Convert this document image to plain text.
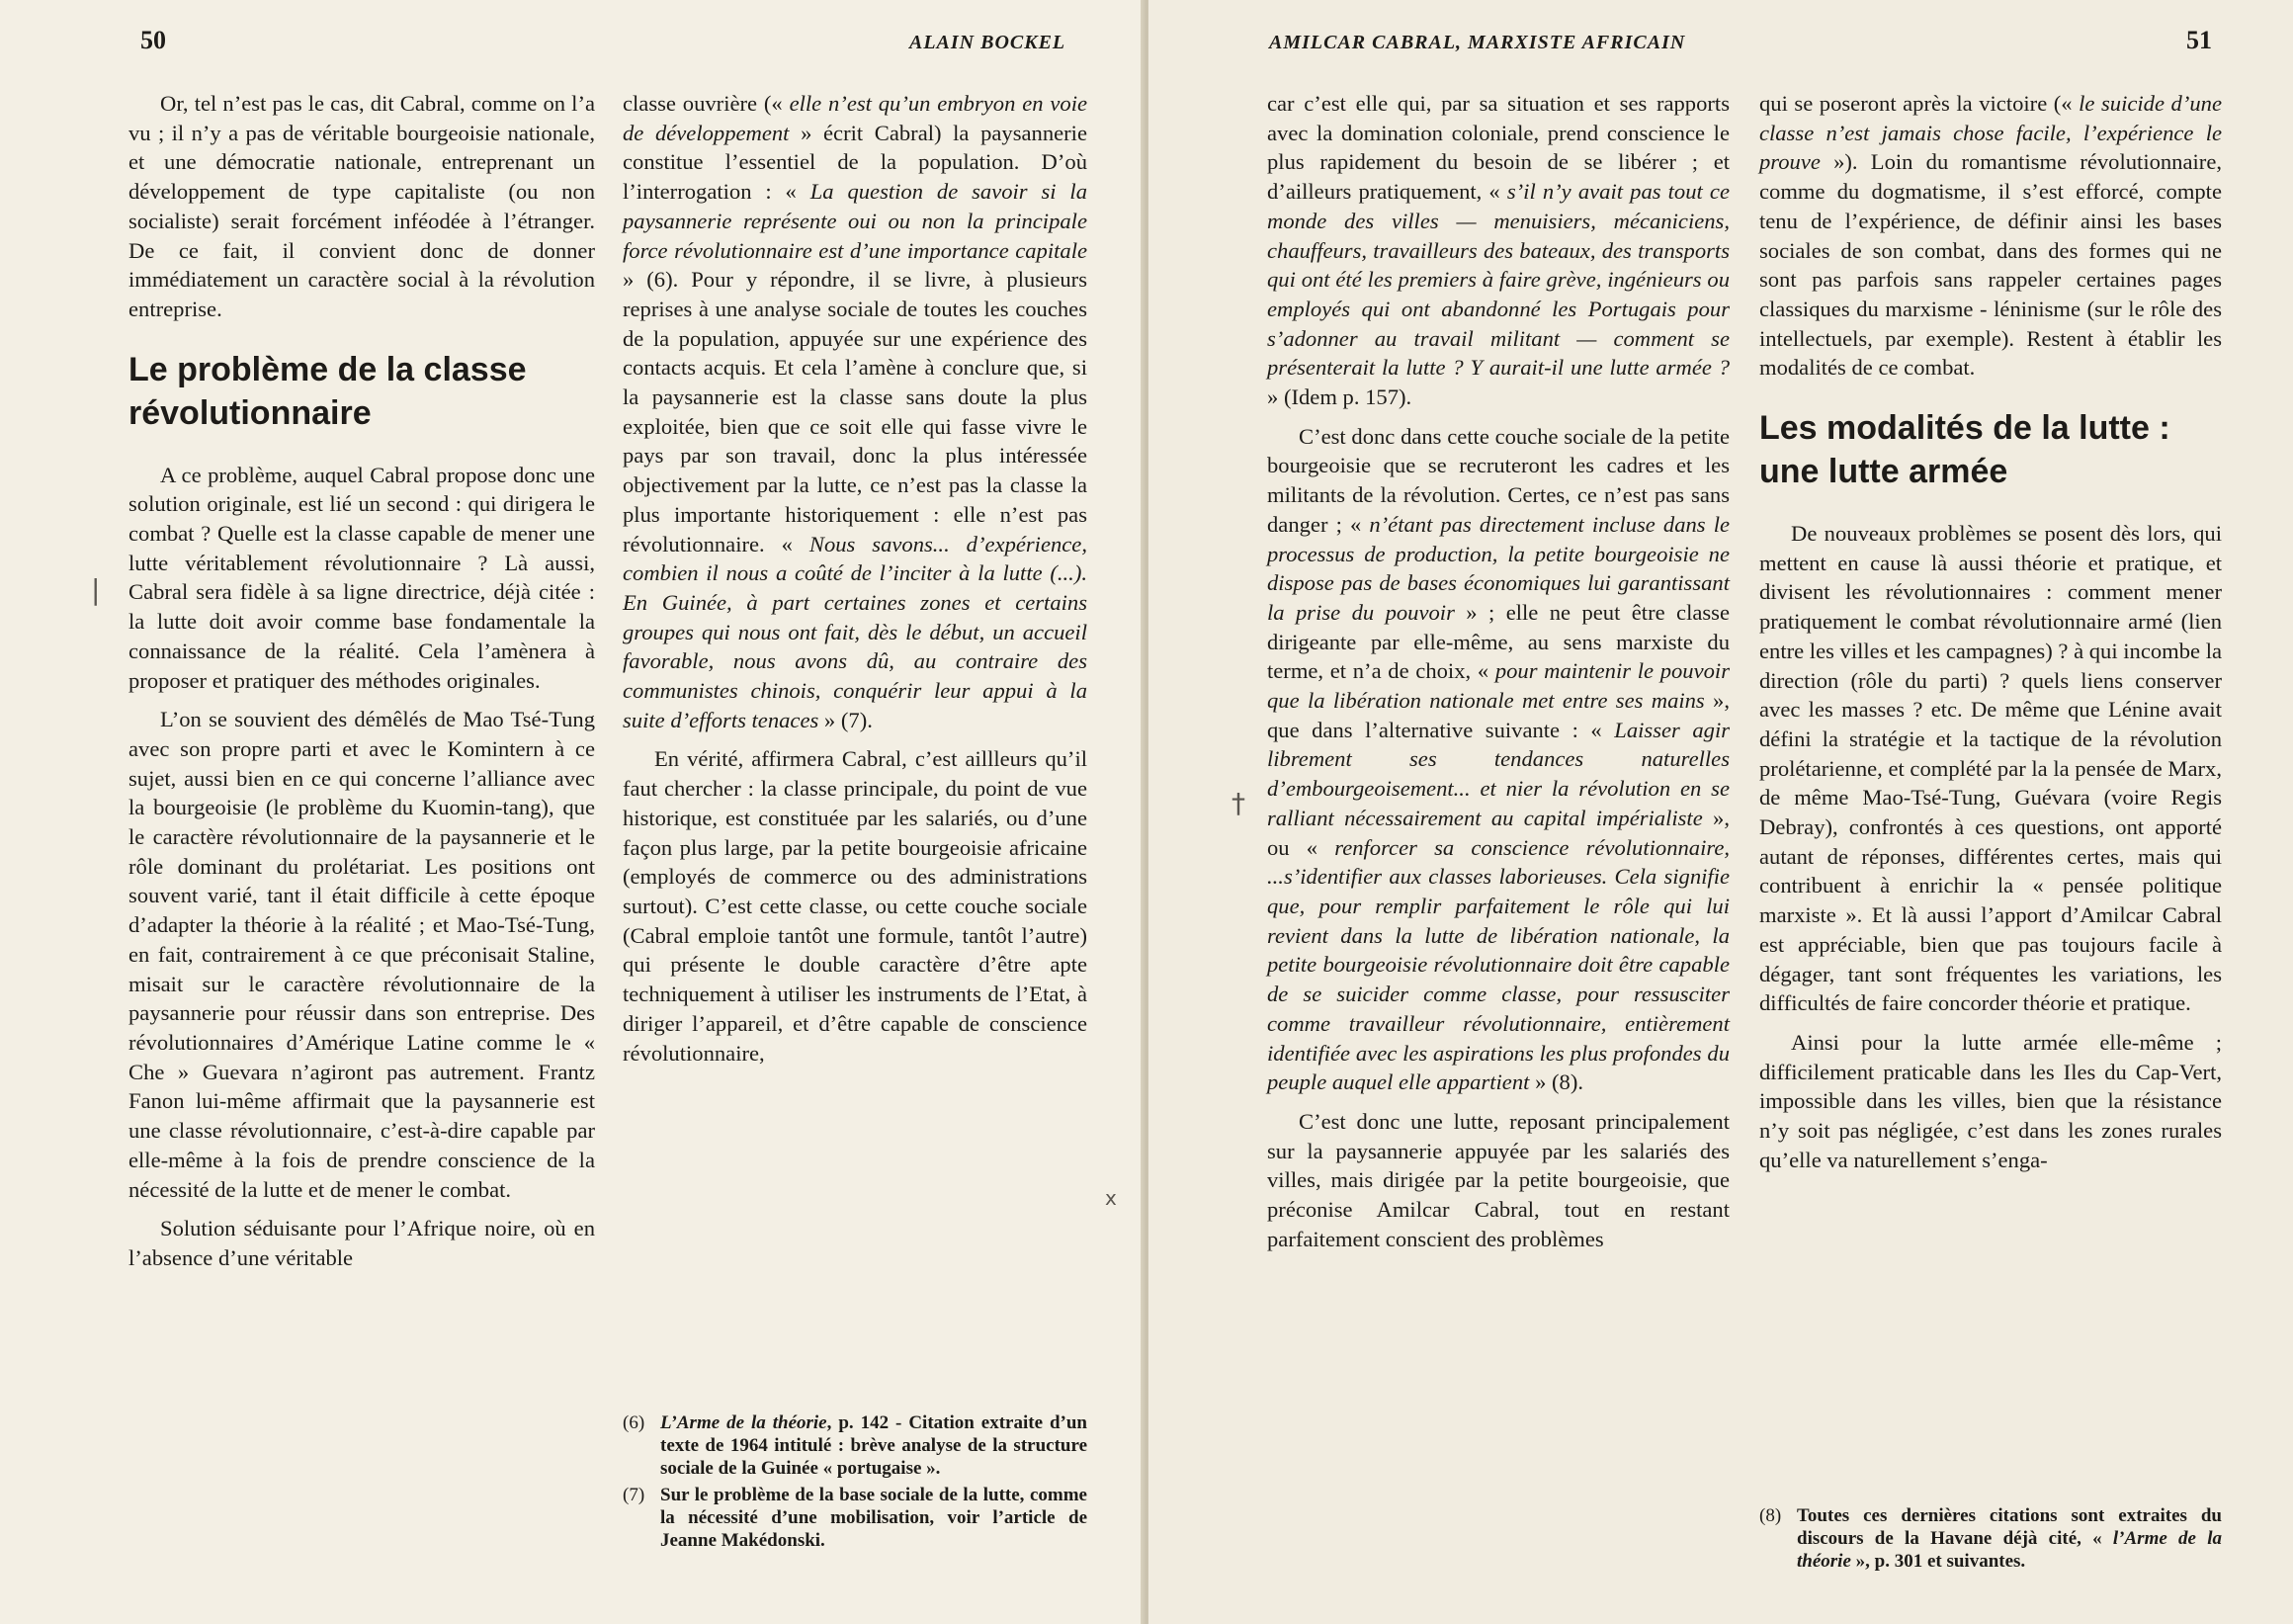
50	ALAIN BOCKEL

Or, tel n’est pas le cas, dit Cabral, comme on l’a vu ; il n’y a pas de véritable bourgeoisie nationale, et une démocratie nationale, entreprenant un développement de type capitaliste (ou non socialiste) serait forcément inféodée à l’étranger. De ce fait, il convient donc de donner immédiatement un caractère social à la révolution entreprise.

Le problème de la classe révolutionnaire

A ce problème, auquel Cabral propose donc une solution originale, est lié un second : qui dirigera le combat ? Quelle est la classe capable de mener une lutte véritablement révolutionnaire ? Là aussi, Cabral sera fidèle à sa ligne directrice, déjà citée : la lutte doit avoir comme base fondamentale la connaissance de la réalité. Cela l’amènera à proposer et pratiquer des méthodes originales.

L’on se souvient des démêlés de Mao Tsé-Tung avec son propre parti et avec le Komintern à ce sujet, aussi bien en ce qui concerne l’alliance avec la bourgeoisie (le problème du Kuomin-tang), que le caractère révolutionnaire de la paysannerie et le rôle dominant du prolétariat. Les positions ont souvent varié, tant il était difficile à cette époque d’adapter la théorie à la réalité ; et Mao-Tsé-Tung, en fait, contrairement à ce que préconisait Staline, misait sur le caractère révolutionnaire de la paysannerie pour réussir dans son entreprise. Des révolutionnaires d’Amérique Latine comme le « Che » Guevara n’agiront pas autrement. Frantz Fanon lui-même affirmait que la paysannerie est une classe révolutionnaire, c’est-à-dire capable par elle-même à la fois de prendre conscience de la nécessité de la lutte et de mener le combat.

Solution séduisante pour l’Afrique noire, où en l’absence d’une véritable

classe ouvrière (« elle n’est qu’un embryon en voie de développement » écrit Cabral) la paysannerie constitue l’essentiel de la population. D’où l’interrogation : « La question de savoir si la paysannerie représente oui ou non la principale force révolutionnaire est d’une importance capitale » (6). Pour y répondre, il se livre, à plusieurs reprises à une analyse sociale de toutes les couches de la population, appuyée sur une expérience des contacts acquis. Et cela l’amène à conclure que, si la paysannerie est la classe sans doute la plus exploitée, bien que ce soit elle qui fasse vivre le pays par son travail, donc la plus intéressée objectivement par la lutte, ce n’est pas la classe la plus importante historiquement : elle n’est pas révolutionnaire. « Nous savons... d’expérience, combien il nous a coûté de l’inciter à la lutte (...). En Guinée, à part certaines zones et certains groupes qui nous ont fait, dès le début, un accueil favorable, nous avons dû, au contraire des communistes chinois, conquérir leur appui à la suite d’efforts tenaces » (7).

En vérité, affirmera Cabral, c’est aillleurs qu’il faut chercher : la classe principale, du point de vue historique, est constituée par les salariés, ou d’une façon plus large, par la petite bourgeoisie africaine (employés de commerce ou des administrations surtout). C’est cette classe, ou cette couche sociale (Cabral emploie tantôt une formule, tantôt l’autre) qui présente le double caractère d’être apte techniquement à utiliser les instruments de l’Etat, à diriger l’appareil, et d’être capable de conscience révolutionnaire,

(6) L’Arme de la théorie, p. 142 - Citation extraite d’un texte de 1964 intitulé : brève analyse de la structure sociale de la Guinée « portugaise ».
(7) Sur le problème de la base sociale de la lutte, comme la nécessité d’une mobilisation, voir l’article de Jeanne Makédonski.
|
x
AMILCAR CABRAL, MARXISTE AFRICAIN	51

car c’est elle qui, par sa situation et ses rapports avec la domination coloniale, prend conscience le plus rapidement du besoin de se libérer ; et d’ailleurs pratiquement, « s’il n’y avait pas tout ce monde des villes — menuisiers, mécaniciens, chauffeurs, travailleurs des bateaux, des transports qui ont été les premiers à faire grève, ingénieurs ou employés qui ont abandonné les Portugais pour s’adonner au travail militant — comment se présenterait la lutte ? Y aurait-il une lutte armée ? » (Idem p. 157).

C’est donc dans cette couche sociale de la petite bourgeoisie que se recruteront les cadres et les militants de la révolution. Certes, ce n’est pas sans danger ; « n’étant pas directement incluse dans le processus de production, la petite bourgeoisie ne dispose pas de bases économiques lui garantissant la prise du pouvoir » ; elle ne peut être classe dirigeante par elle-même, au sens marxiste du terme, et n’a de choix, « pour maintenir le pouvoir que la libération nationale met entre ses mains », que dans l’alternative suivante : « Laisser agir librement ses tendances naturelles d’embourgeoisement... et nier la révolution en se ralliant nécessairement au capital impérialiste », ou « renforcer sa conscience révolutionnaire, ...s’identifier aux classes laborieuses. Cela signifie que, pour remplir parfaitement le rôle qui lui revient dans la lutte de libération nationale, la petite bourgeoisie révolutionnaire doit être capable de se suicider comme classe, pour ressusciter comme travailleur révolutionnaire, entièrement identifiée avec les aspirations les plus profondes du peuple auquel elle appartient » (8).

C’est donc une lutte, reposant principalement sur la paysannerie appuyée par les salariés des villes, mais dirigée par la petite bourgeoisie, que préconise Amilcar Cabral, tout en restant parfaitement conscient des problèmes

qui se poseront après la victoire (« le suicide d’une classe n’est jamais chose facile, l’expérience le prouve »). Loin du romantisme révolutionnaire, comme du dogmatisme, il s’est efforcé, compte tenu de l’expérience, de définir ainsi les bases sociales de son combat, dans des formes qui ne sont pas parfois sans rappeler certaines pages classiques du marxisme - léninisme (sur le rôle des intellectuels, par exemple). Restent à établir les modalités de ce combat.

Les modalités de la lutte : une lutte armée

De nouveaux problèmes se posent dès lors, qui mettent en cause là aussi théorie et pratique, et divisent les révolutionnaires : comment mener pratiquement le combat révolutionnaire armé (lien entre les villes et les campagnes) ? à qui incombe la direction (rôle du parti) ? quels liens conserver avec les masses ? etc. De même que Lénine avait défini la stratégie et la tactique de la révolution prolétarienne, et complété par la la pensée de Marx, de même Mao-Tsé-Tung, Guévara (voire Regis Debray), confrontés à ces questions, ont apporté autant de réponses, différentes certes, mais qui contribuent à enrichir la « pensée politique marxiste ». Et là aussi l’apport d’Amilcar Cabral est appréciable, bien que pas toujours facile à dégager, tant sont fréquentes les variations, les difficultés de faire concorder théorie et pratique.

Ainsi pour la lutte armée elle-même ; difficilement praticable dans les Iles du Cap-Vert, impossible dans les villes, bien que la résistance n’y soit pas négligée, c’est dans les zones rurales qu’elle va naturellement s’enga-

(8) Toutes ces dernières citations sont extraites du discours de la Havane déjà cité, « l’Arme de la théorie », p. 301 et suivantes.
†
